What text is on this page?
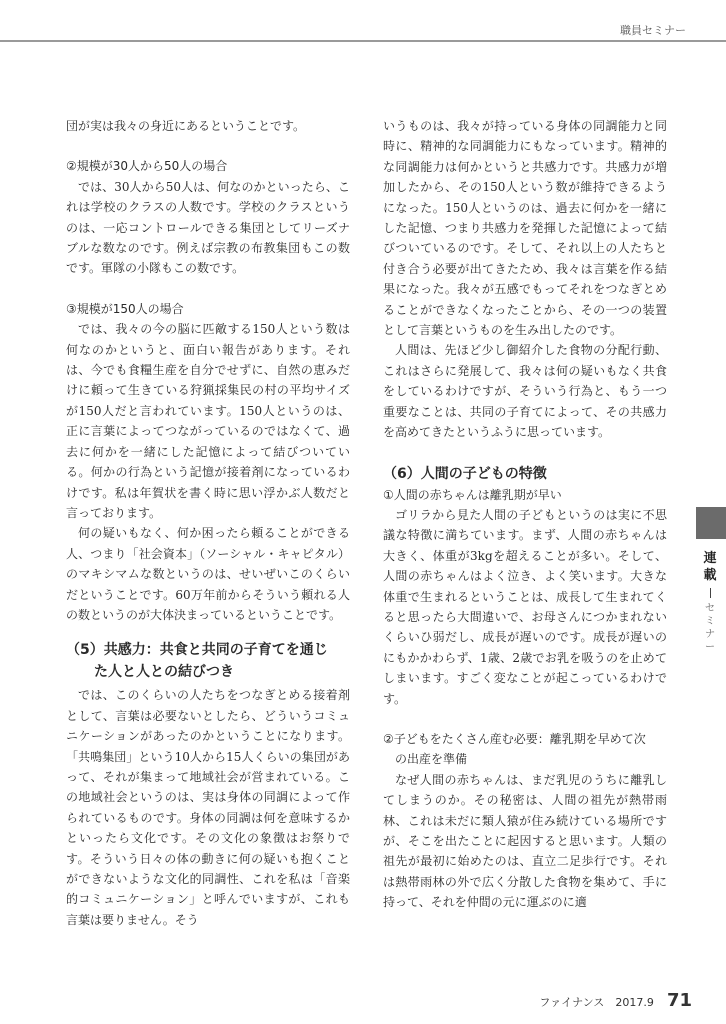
職員セミナー

団が実は我々の身近にあるということです。

②規模が30人から50人の場合

では、30人から50人は、何なのかといったら、これは学校のクラスの人数です。学校のクラスというのは、一応コントロールできる集団としてリーズナブルな数なのです。例えば宗教の布教集団もこの数です。軍隊の小隊もこの数です。

③規模が150人の場合

では、我々の今の脳に匹敵する150人という数は何なのかというと、面白い報告があります。それは、今でも食糧生産を自分でせずに、自然の恵みだけに頼って生きている狩猟採集民の村の平均サイズが150人だと言われています。150人というのは、正に言葉によってつながっているのではなくて、過去に何かを一緒にした記憶によって結びついている。何かの行為という記憶が接着剤になっているわけです。私は年賀状を書く時に思い浮かぶ人数だと言っております。

何の疑いもなく、何か困ったら頼ることができる人、つまり「社会資本」（ソーシャル・キャピタル）のマキシマムな数というのは、せいぜいこのくらいだということです。60万年前からそういう頼れる人の数というのが大体決まっているということです。

（5）共感力：共食と共同の子育てを通じ

た人と人との結びつき

では、このくらいの人たちをつなぎとめる接着剤として、言葉は必要ないとしたら、どういうコミュニケーションがあったのかということになります。「共鳴集団」という10人から15人くらいの集団があって、それが集まって地域社会が営まれている。この地域社会というのは、実は身体の同調によって作られているものです。身体の同調は何を意味するかといったら文化です。その文化の象徴はお祭りです。そういう日々の体の動きに何の疑いも抱くことができないような文化的同調性、これを私は「音楽的コミュニケーション」と呼んでいますが、これも言葉は要りません。そう

いうものは、我々が持っている身体の同調能力と同時に、精神的な同調能力にもなっています。精神的な同調能力は何かというと共感力です。共感力が増加したから、その150人という数が維持できるようになった。150人というのは、過去に何かを一緒にした記憶、つまり共感力を発揮した記憶によって結びついているのです。そして、それ以上の人たちと付き合う必要が出てきたため、我々は言葉を作る結果になった。我々が五感でもってそれをつなぎとめることができなくなったことから、その一つの装置として言葉というものを生み出したのです。

人間は、先ほど少し御紹介した食物の分配行動、これはさらに発展して、我々は何の疑いもなく共食をしているわけですが、そういう行為と、もう一つ重要なことは、共同の子育てによって、その共感力を高めてきたというふうに思っています。

（6）人間の子どもの特徴

①人間の赤ちゃんは離乳期が早い

ゴリラから見た人間の子どもというのは実に不思議な特徴に満ちています。まず、人間の赤ちゃんは大きく、体重が3kgを超えることが多い。そして、人間の赤ちゃんはよく泣き、よく笑います。大きな体重で生まれるということは、成長して生まれてくると思ったら大間違いで、お母さんにつかまれないくらいひ弱だし、成長が遅いのです。成長が遅いのにもかかわらず、1歳、2歳でお乳を吸うのを止めてしまいます。すごく変なことが起こっているわけです。

②子どもをたくさん産む必要：離乳期を早めて次

の出産を準備

なぜ人間の赤ちゃんは、まだ乳児のうちに離乳してしまうのか。その秘密は、人間の祖先が熱帯雨林、これは未だに類人猿が住み続けている場所ですが、そこを出たことに起因すると思います。人類の祖先が最初に始めたのは、直立二足歩行です。それは熱帯雨林の外で広く分散した食物を集めて、手に持って、それを仲間の元に運ぶのに適

連載
セミナー
ファイナンス 2017.9 71
